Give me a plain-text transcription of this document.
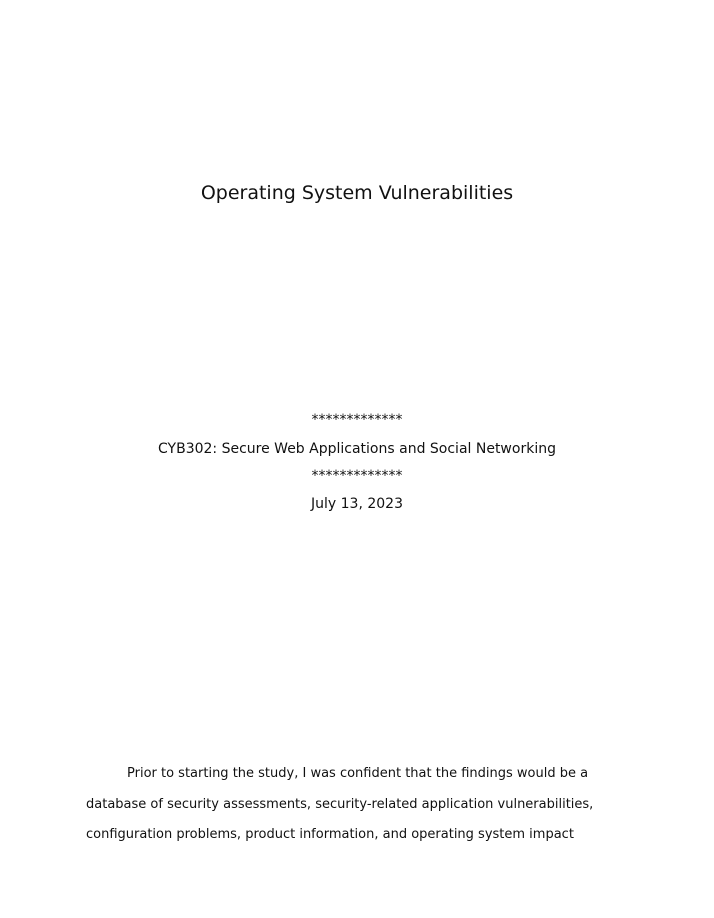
Operating System Vulnerabilities

*************

CYB302: Secure Web Applications and Social Networking

*************

July 13, 2023

Prior to starting the study, I was confident that the findings would be a
database of security assessments, security-related application vulnerabilities,
configuration problems, product information, and operating system impact
